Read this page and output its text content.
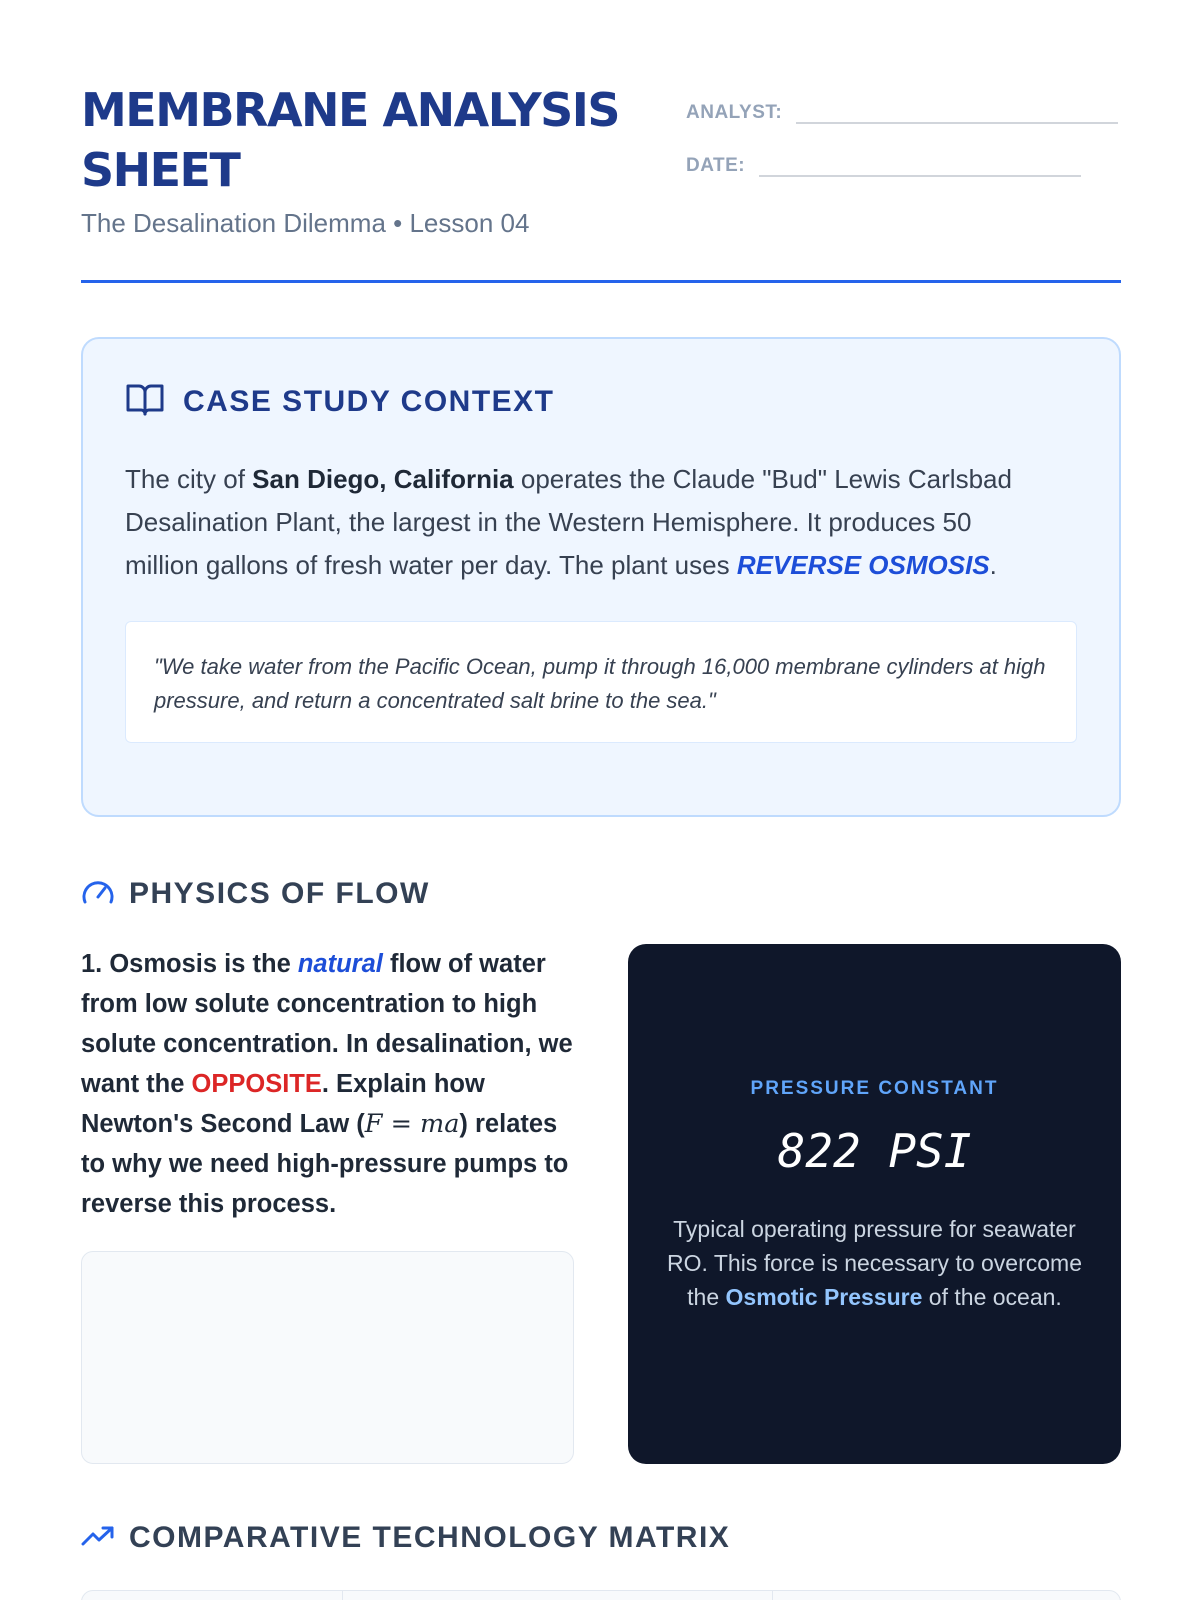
MEMBRANE ANALYSIS SHEET
The Desalination Dilemma • Lesson 04
ANALYST:
DATE:
CASE STUDY CONTEXT

The city of San Diego, California operates the Claude "Bud" Lewis Carlsbad Desalination Plant, the largest in the Western Hemisphere. It produces 50 million gallons of fresh water per day. The plant uses REVERSE OSMOSIS.

"We take water from the Pacific Ocean, pump it through 16,000 membrane cylinders at high pressure, and return a concentrated salt brine to the sea."
PHYSICS OF FLOW
1. Osmosis is the natural flow of water from low solute concentration to high solute concentration. In desalination, we want the OPPOSITE. Explain how Newton's Second Law (F = ma) relates to why we need high-pressure pumps to reverse this process.
PRESSURE CONSTANT
822 PSI

Typical operating pressure for seawater RO. This force is necessary to overcome the Osmotic Pressure of the ocean.

COMPARATIVE TECHNOLOGY MATRIX
